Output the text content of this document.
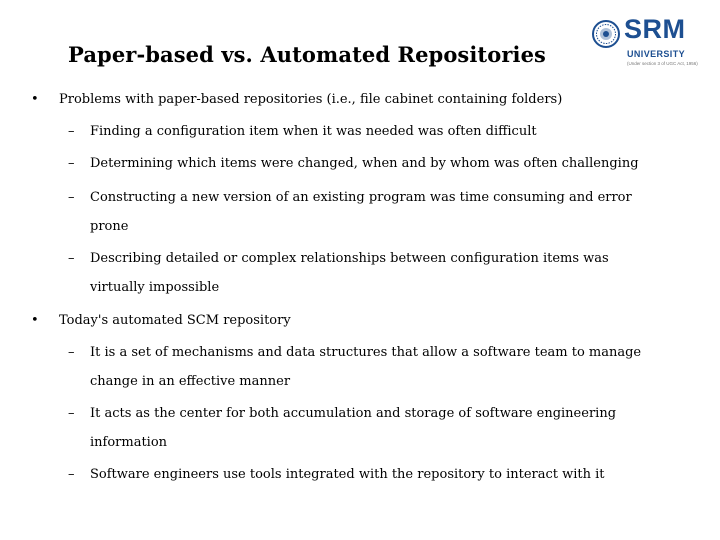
Paper-based vs. Automated Repositories
SRM
UNIVERSITY
(Under section 3 of UGC Act, 1956)
• Problems with paper-based repositories (i.e., file cabinet containing folders)
– Finding a configuration item when it was needed was often difficult
– Determining which items were changed, when and by whom was often challenging
– Constructing a new version of an existing program was time consuming and error
prone
– Describing detailed or complex relationships between configuration items was
virtually impossible
• Today's automated SCM repository
– It is a set of mechanisms and data structures that allow a software team to manage
change in an effective manner
– It acts as the center for both accumulation and storage of software engineering
information
– Software engineers use tools integrated with the repository to interact with it
